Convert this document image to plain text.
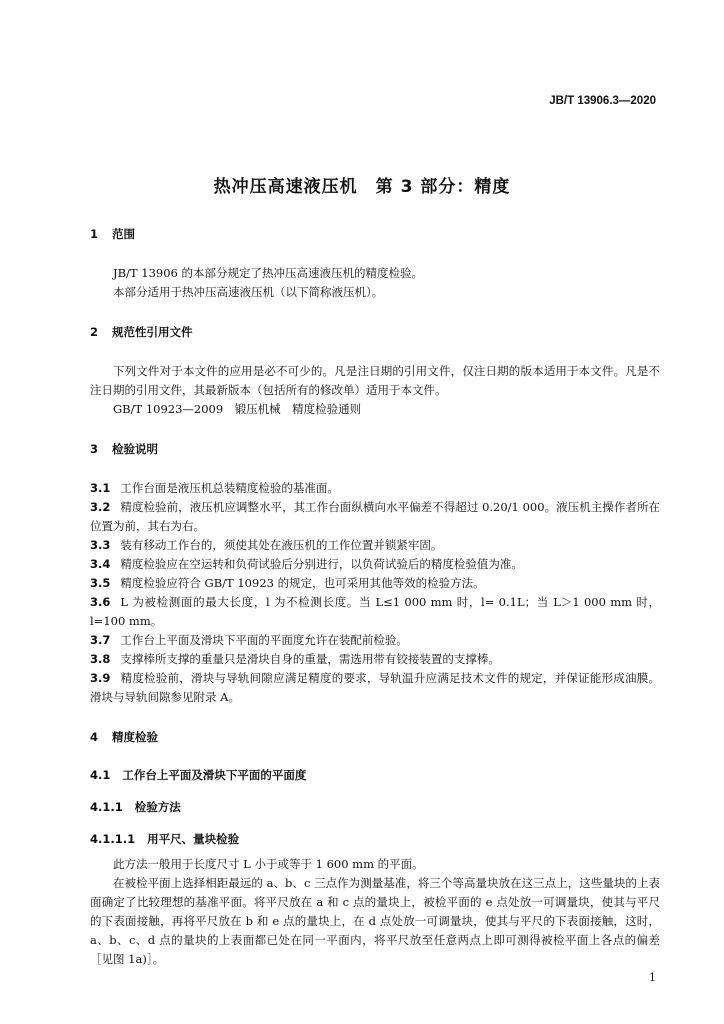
JB/T 13906.3—2020
热冲压高速液压机　第 3 部分：精度
1 范围

JB/T 13906 的本部分规定了热冲压高速液压机的精度检验。

本部分适用于热冲压高速液压机（以下简称液压机）。

2 规范性引用文件

下列文件对于本文件的应用是必不可少的。凡是注日期的引用文件，仅注日期的版本适用于本文件。凡是不注日期的引用文件，其最新版本（包括所有的修改单）适用于本文件。

GB/T 10923—2009　锻压机械　精度检验通则

3 检验说明

3.1 工作台面是液压机总装精度检验的基准面。

3.2 精度检验前，液压机应调整水平，其工作台面纵横向水平偏差不得超过 0.20/1 000。液压机主操作者所在位置为前，其右为右。

3.3 装有移动工作台的，须使其处在液压机的工作位置并锁紧牢固。

3.4 精度检验应在空运转和负荷试验后分别进行，以负荷试验后的精度检验值为准。

3.5 精度检验应符合 GB/T 10923 的规定，也可采用其他等效的检验方法。

3.6 L 为被检测面的最大长度，l 为不检测长度。当 L≤1 000 mm 时，l= 0.1L；当 L＞1 000 mm 时，l=100 mm。

3.7 工作台上平面及滑块下平面的平面度允许在装配前检验。

3.8 支撑棒所支撑的重量只是滑块自身的重量，需选用带有铰接装置的支撑棒。

3.9 精度检验前，滑块与导轨间隙应满足精度的要求，导轨温升应满足技术文件的规定，并保证能形成油膜。滑块与导轨间隙参见附录 A。

4 精度检验
4.1 工作台上平面及滑块下平面的平面度
4.1.1 检验方法
4.1.1.1 用平尺、量块检验

此方法一般用于长度尺寸 L 小于或等于 1 600 mm 的平面。

在被检平面上选择相距最远的 a、b、c 三点作为测量基准，将三个等高量块放在这三点上，这些量块的上表面确定了比较理想的基准平面。将平尺放在 a 和 c 点的量块上，被检平面的 e 点处放一可调量块，使其与平尺的下表面接触，再将平尺放在 b 和 e 点的量块上，在 d 点处放一可调量块，使其与平尺的下表面接触，这时，a、b、c、d 点的量块的上表面都已处在同一平面内，将平尺放至任意两点上即可测得被检平面上各点的偏差［见图 1a)］。

1
